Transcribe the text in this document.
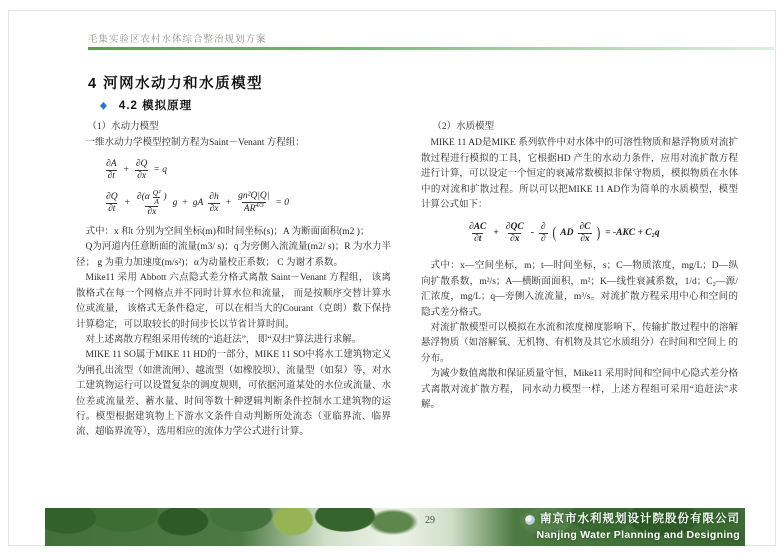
毛集实验区农村水体综合整治规划方案
4 河网水动力和水质模型
◆ 4.2 模拟原理
（1）水动力模型

一维水动力学模型控制方程为Saint－Venant 方程组：

$\frac{\partial A}{\partial t} + \frac{\partial Q}{\partial x} = q$
$\frac{\partial Q}{\partial t} + \frac{\partial(\alpha \frac{\text{Q²}}{A} )}{\partial x}$ g + gA $\frac{\partial h}{\partial x} + \frac{\text{gn²Q|Q|}}{AR^{4/3}} = 0$

式中：x 和t 分别为空间坐标(m)和时间坐标(s)；A 为断面面积(m2 )；

Q为河道内任意断面的流量(m3/ s)；q 为旁侧入流流量(m2/ s)；R 为水力半径； g 为重力加速度(m/s²)；α为动量校正系数； C 为谢才系数。

Mike11 采用 Abbott 六点隐式差分格式离散 Saint－Venant 方程组， 该离散格式在每一个网格点并不同时计算水位和流量， 而是按顺序交替计算水位或流量， 该格式无条件稳定，可以在相当大的Courant（克朗）数下保持计算稳定，可以取较长的时间步长以节省计算时间。

对上述离散方程组采用传统的“追赶法”， 即“双扫”算法进行求解。

MIKE 11 SO属于MIKE 11 HD的一部分，MIKE 11 SO中将水工建筑物定义为闸孔出流型（如泄流闸）、越流型（如橡胶坝）、流量型（如泵）等，对水工建筑物运行可以设置复杂的调度规则，可依据河道某处的水位或流量、水位差或流量差、蓄水量、时间等数十种逻辑判断条件控制水工建筑物的运行。模型根据建筑物上下游水文条件自动判断所处流态（亚临界流、临界流、超临界流等），选用相应的流体力学公式进行计算。

（2）水质模型

MIKE 11 AD是MIKE 系列软件中对水体中的可溶性物质和悬浮物质对流扩散过程进行模拟的工具，它根据HD 产生的水动力条件，应用对流扩散方程进行计算，可以设定一个恒定的衰减常数模拟非保守物质，模拟物质在水体中的对流和扩散过程。所以可以把MIKE 11 AD作为简单的水质模型，模型计算公式如下：

$\frac{\partial AC}{\partial t} + \frac{\partial QC}{\partial x} - \frac{\partial}{\partial}$ ( AD $\frac{\partial C}{\partial x}$ ) = -AKC + C₂q

式中：x—空间坐标，m；t—时间坐标，s；C—物质浓度，mg/L；D—纵向扩散系数，m²/s；A—横断面面积，m²；K—线性衰减系数，1/d；C₂—源/汇浓度，mg/L；q—旁侧入流流量，m³/s。对流扩散方程采用中心和空间的隐式差分格式。

对流扩散模型可以模拟在水流和浓度梯度影响下，传输扩散过程中的溶解悬浮物质（如溶解氧、无机物、有机物及其它水质组分）在时间和空间上 的分布。

为减少数值离散和保证质量守恒，Mike11 采用时间和空间中心隐式差分格式离散对流扩散方程， 同水动力模型一样，上述方程组可采用“追赶法”求解。

29	南京市水利规划设计院股份有限公司
Nanjing Water Planning and Designing
